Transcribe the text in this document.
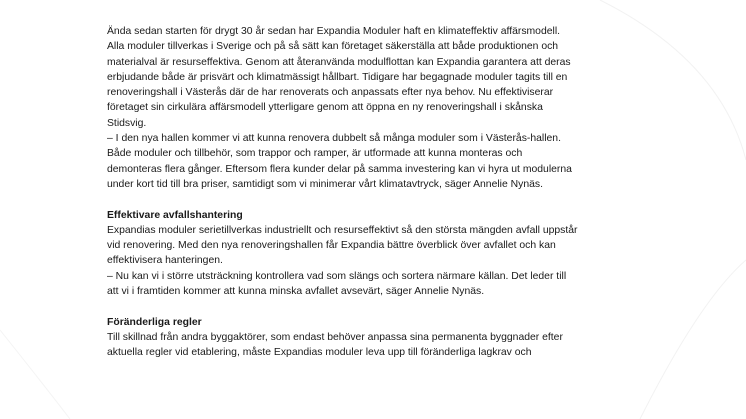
Ända sedan starten för drygt 30 år sedan har Expandia Moduler haft en klimateffektiv affärsmodell.

Alla moduler tillverkas i Sverige och på så sätt kan företaget säkerställa att både produktionen och

materialval är resurseffektiva. Genom att återanvända modulflottan kan Expandia garantera att deras

erbjudande både är prisvärt och klimatmässigt hållbart. Tidigare har begagnade moduler tagits till en

renoveringshall i Västerås där de har renoverats och anpassats efter nya behov. Nu effektiviserar

företaget sin cirkulära affärsmodell ytterligare genom att öppna en ny renoveringshall i skånska

Stidsvig.

– I den nya hallen kommer vi att kunna renovera dubbelt så många moduler som i Västerås-hallen.

Både moduler och tillbehör, som trappor och ramper, är utformade att kunna monteras och

demonteras flera gånger. Eftersom flera kunder delar på samma investering kan vi hyra ut modulerna

under kort tid till bra priser, samtidigt som vi minimerar vårt klimatavtryck, säger Annelie Nynäs.

Effektivare avfallshantering

Expandias moduler serietillverkas industriellt och resurseffektivt så den största mängden avfall uppstår

vid renovering. Med den nya renoveringshallen får Expandia bättre överblick över avfallet och kan

effektivisera hanteringen.

– Nu kan vi i större utsträckning kontrollera vad som slängs och sortera närmare källan. Det leder till

att vi i framtiden kommer att kunna minska avfallet avsevärt, säger Annelie Nynäs.

Föränderliga regler

Till skillnad från andra byggaktörer, som endast behöver anpassa sina permanenta byggnader efter

aktuella regler vid etablering, måste Expandias moduler leva upp till föränderliga lagkrav och
